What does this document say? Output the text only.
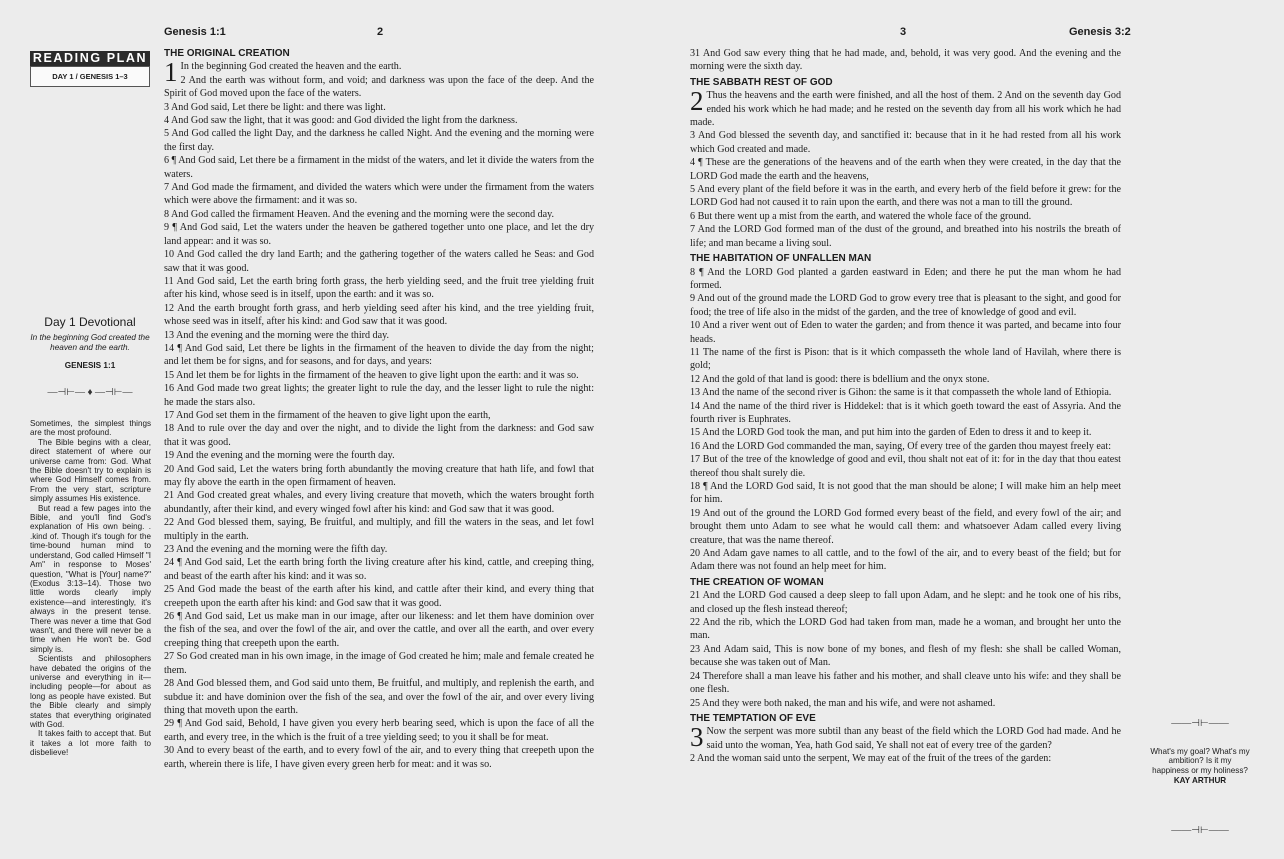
Genesis 1:1	2	3	Genesis 3:2
READING PLAN
DAY 1 / GENESIS 1–3
Day 1 Devotional
In the beginning God created the heaven and the earth.
GENESIS 1:1
—⊣⊢— ♦ —⊣⊢—

Sometimes, the simplest things are the most profound.

The Bible begins with a clear, direct statement of where our universe came from: God. What the Bible doesn't try to explain is where God Himself comes from. From the very start, scripture simply assumes His existence.

But read a few pages into the Bible, and you'll find God's explanation of His own being. . .kind of. Though it's tough for the time-bound human mind to understand, God called Himself "I Am" in response to Moses' question, "What is [Your] name?" (Exodus 3:13–14). Those two little words clearly imply existence—and interestingly, it's always in the present tense. There was never a time that God wasn't, and there will never be a time when He won't be. God simply is.

Scientists and philosophers have debated the origins of the universe and everything in it—including people—for about as long as people have existed. But the Bible clearly and simply states that everything originated with God.

It takes faith to accept that. But it takes a lot more faith to disbelieve!

THE ORIGINAL CREATION

1 In the beginning God created the heaven and the earth.

2 And the earth was without form, and void; and darkness was upon the face of the deep. And the Spirit of God moved upon the face of the waters.

3 And God said, Let there be light: and there was light.

4 And God saw the light, that it was good: and God divided the light from the darkness.

5 And God called the light Day, and the darkness he called Night. And the evening and the morning were the first day.

6 ¶ And God said, Let there be a firmament in the midst of the waters, and let it divide the waters from the waters.

7 And God made the firmament, and divided the waters which were under the firmament from the waters which were above the firmament: and it was so.

8 And God called the firmament Heaven. And the evening and the morning were the second day.

9 ¶ And God said, Let the waters under the heaven be gathered together unto one place, and let the dry land appear: and it was so.

10 And God called the dry land Earth; and the gathering together of the waters called he Seas: and God saw that it was good.

11 And God said, Let the earth bring forth grass, the herb yielding seed, and the fruit tree yielding fruit after his kind, whose seed is in itself, upon the earth: and it was so.

12 And the earth brought forth grass, and herb yielding seed after his kind, and the tree yielding fruit, whose seed was in itself, after his kind: and God saw that it was good.

13 And the evening and the morning were the third day.

14 ¶ And God said, Let there be lights in the firmament of the heaven to divide the day from the night; and let them be for signs, and for seasons, and for days, and years:

15 And let them be for lights in the firmament of the heaven to give light upon the earth: and it was so.

16 And God made two great lights; the greater light to rule the day, and the lesser light to rule the night: he made the stars also.

17 And God set them in the firmament of the heaven to give light upon the earth,

18 And to rule over the day and over the night, and to divide the light from the darkness: and God saw that it was good.

19 And the evening and the morning were the fourth day.

20 And God said, Let the waters bring forth abundantly the moving creature that hath life, and fowl that may fly above the earth in the open firmament of heaven.

21 And God created great whales, and every living creature that moveth, which the waters brought forth abundantly, after their kind, and every winged fowl after his kind: and God saw that it was good.

22 And God blessed them, saying, Be fruitful, and multiply, and fill the waters in the seas, and let fowl multiply in the earth.

23 And the evening and the morning were the fifth day.

24 ¶ And God said, Let the earth bring forth the living creature after his kind, cattle, and creeping thing, and beast of the earth after his kind: and it was so.

25 And God made the beast of the earth after his kind, and cattle after their kind, and every thing that creepeth upon the earth after his kind: and God saw that it was good.

26 ¶ And God said, Let us make man in our image, after our likeness: and let them have dominion over the fish of the sea, and over the fowl of the air, and over the cattle, and over all the earth, and over every creeping thing that creepeth upon the earth.

27 So God created man in his own image, in the image of God created he him; male and female created he them.

28 And God blessed them, and God said unto them, Be fruitful, and multiply, and replenish the earth, and subdue it: and have dominion over the fish of the sea, and over the fowl of the air, and over every living thing that moveth upon the earth.

29 ¶ And God said, Behold, I have given you every herb bearing seed, which is upon the face of all the earth, and every tree, in the which is the fruit of a tree yielding seed; to you it shall be for meat.

30 And to every beast of the earth, and to every fowl of the air, and to every thing that creepeth upon the earth, wherein there is life, I have given every green herb for meat: and it was so.

31 And God saw every thing that he had made, and, behold, it was very good. And the evening and the morning were the sixth day.

THE SABBATH REST OF GOD

2 Thus the heavens and the earth were finished, and all the host of them. 2 And on the seventh day God ended his work which he had made; and he rested on the seventh day from all his work which he had made.

3 And God blessed the seventh day, and sanctified it: because that in it he had rested from all his work which God created and made.

4 ¶ These are the generations of the heavens and of the earth when they were created, in the day that the LORD God made the earth and the heavens,

5 And every plant of the field before it was in the earth, and every herb of the field before it grew: for the LORD God had not caused it to rain upon the earth, and there was not a man to till the ground.

6 But there went up a mist from the earth, and watered the whole face of the ground.

7 And the LORD God formed man of the dust of the ground, and breathed into his nostrils the breath of life; and man became a living soul.

THE HABITATION OF UNFALLEN MAN

8 ¶ And the LORD God planted a garden eastward in Eden; and there he put the man whom he had formed.

9 And out of the ground made the LORD God to grow every tree that is pleasant to the sight, and good for food; the tree of life also in the midst of the garden, and the tree of knowledge of good and evil.

10 And a river went out of Eden to water the garden; and from thence it was parted, and became into four heads.

11 The name of the first is Pison: that is it which compasseth the whole land of Havilah, where there is gold;

12 And the gold of that land is good: there is bdellium and the onyx stone.

13 And the name of the second river is Gihon: the same is it that compasseth the whole land of Ethiopia.

14 And the name of the third river is Hiddekel: that is it which goeth toward the east of Assyria. And the fourth river is Euphrates.

15 And the LORD God took the man, and put him into the garden of Eden to dress it and to keep it.

16 And the LORD God commanded the man, saying, Of every tree of the garden thou mayest freely eat:

17 But of the tree of the knowledge of good and evil, thou shalt not eat of it: for in the day that thou eatest thereof thou shalt surely die.

18 ¶ And the LORD God said, It is not good that the man should be alone; I will make him an help meet for him.

19 And out of the ground the LORD God formed every beast of the field, and every fowl of the air; and brought them unto Adam to see what he would call them: and whatsoever Adam called every living creature, that was the name thereof.

20 And Adam gave names to all cattle, and to the fowl of the air, and to every beast of the field; but for Adam there was not found an help meet for him.

THE CREATION OF WOMAN

21 And the LORD God caused a deep sleep to fall upon Adam, and he slept: and he took one of his ribs, and closed up the flesh instead thereof;

22 And the rib, which the LORD God had taken from man, made he a woman, and brought her unto the man.

23 And Adam said, This is now bone of my bones, and flesh of my flesh: she shall be called Woman, because she was taken out of Man.

24 Therefore shall a man leave his father and his mother, and shall cleave unto his wife: and they shall be one flesh.

25 And they were both naked, the man and his wife, and were not ashamed.

THE TEMPTATION OF EVE

3 Now the serpent was more subtil than any beast of the field which the LORD God had made. And he said unto the woman, Yea, hath God said, Ye shall not eat of every tree of the garden?

2 And the woman said unto the serpent, We may eat of the fruit of the trees of the garden:

——⊣⊢——
What's my goal? What's my ambition? Is it my happiness or my holiness?
KAY ARTHUR
——⊣⊢——
